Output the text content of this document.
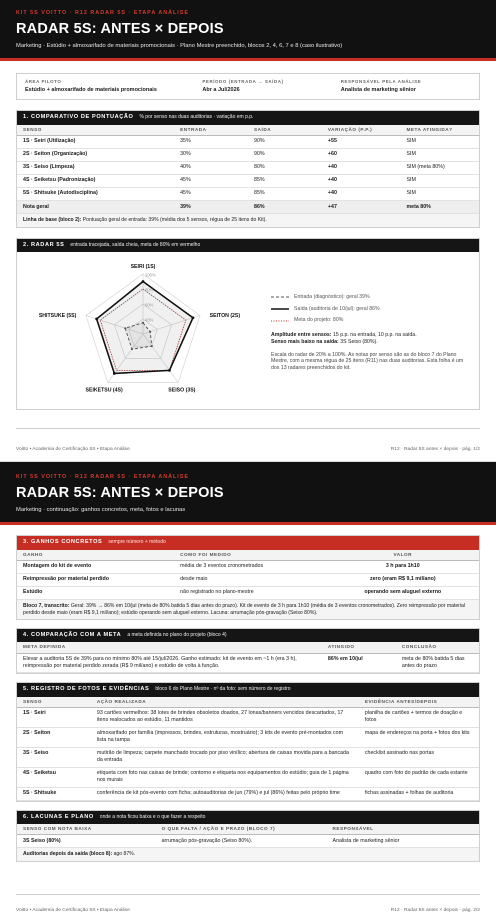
KIT 5S VOITTO · R12 RADAR 5S · ETAPA ANÁLISE
RADAR 5S: ANTES × DEPOIS
Marketing · Estúdio + almoxarifado de materiais promocionais · Plano Mestre preenchido, blocos 2, 4, 6, 7 e 8 (caso ilustrativo)
ÁREA PILOTO
Estúdio + almoxarifado de materiais promocionais
PERÍODO (ENTRADA → SAÍDA)
Abr a Jul/2026
RESPONSÁVEL PELA ANÁLISE
Analista de marketing sênior
1. COMPARATIVO DE PONTUAÇÃO % por senso nas duas auditorias · variação em p.p.
SENSO	ENTRADA	SAÍDA	VARIAÇÃO (P.P.)	META ATINGIDA?
1S · Seiri (Utilização)	35%	90%	+55	SIM
2S · Seiton (Organização)	30%	90%	+60	SIM
3S · Seiso (Limpeza)	40%	80%	+40	SIM (meta 80%)
4S · Seiketsu (Padronização)	45%	85%	+40	SIM
5S · Shitsuke (Autodisciplina)	45%	85%	+40	SIM
Nota geral	39%	86%	+47	meta 80%
Linha de base (bloco 2): Pontuação geral de entrada: 39% (média dos 5 sensos, régua de 25 itens do Kit).
2. RADAR 5S entrada tracejada, saída cheia, meta de 80% em vermelho
100%
80%
60%
40%
SEIRI (1S)
SEITON (2S)
SEISO (3S)
SEIKETSU (4S)
SHITSUKE (5S)
Entrada (diagnóstico): geral 39%
Saída (auditoria de 10/jul): geral 86%
Meta do projeto: 80%
Amplitude entre sensos: 15 p.p. na entrada, 10 p.p. na saída.
Senso mais baixo na saída: 3S Seiso (80%).
Escala do radar de 20% a 100%. As notas por senso são as do bloco 7 do Plano Mestre, com a mesma régua de 25 itens (R11) nas duas auditorias. Esta folha é um dos 13 radares preenchidos do kit.
Voitto • Academia de Certificação 5S • Etapa Análise	R12 · Radar 5S antes × depois · pág. 1/2
KIT 5S VOITTO · R12 RADAR 5S · ETAPA ANÁLISE
RADAR 5S: ANTES × DEPOIS
Marketing · continuação: ganhos concretos, meta, fotos e lacunas
3. GANHOS CONCRETOS sempre número + método
GANHO	COMO FOI MEDIDO	VALOR
Montagem do kit de evento	média de 3 eventos cronometrados	3 h para 1h10
Reimpressão por material perdido	desde maio	zero (eram R$ 9,1 mil/ano)
Estúdio	não registrado no plano-mestre	operando sem aluguel externo
Bloco 7, transcrito: Geral: 39% → 86% em 10/jul (meta de 80% batida 5 dias antes do prazo). Kit de evento de 3 h para 1h10 (média de 3 eventos cronometrados). Zero reimpressão por material perdido desde maio (eram R$ 9,1 mil/ano); estúdio operando sem aluguel externo. Lacuna: arrumação pós-gravação (Seiso 80%).
4. COMPARAÇÃO COM A META a meta definida no plano do projeto (bloco 4)
META DEFINIDA	ATINGIDO	CONCLUSÃO
Elevar a auditoria 5S de 39% para no mínimo 80% até 15/jul/2026. Ganho estimado: kit de evento em ~1 h (era 3 h), reimpressão por material perdido zerada (R$ 9 mil/ano) e estúdio de volta à função.	86% em 10/jul	meta de 80% batida 5 dias antes do prazo
5. REGISTRO DE FOTOS E EVIDÊNCIAS bloco 6 do Plano Mestre · nº da foto: sem número de registro
SENSO	AÇÃO REALIZADA	EVIDÊNCIA ANTES/DEPOIS
1S · Seiri	93 cartões vermelhos: 38 lotes de brindes obsoletos doados, 27 lonas/banners vencidos descartados, 17 itens realocados ao estúdio, 11 mantidos	planilha de cartões + termos de doação e fotos
2S · Seiton	almoxarifado por família (impressos, brindes, estruturas, mostruário); 3 kits de evento pré-montados com lista na tampa	mapa de endereços na porta + fotos dos kits
3S · Seiso	mutirão de limpeza; carpete manchado trocado por piso vinílico; abertura de caixas movida para a bancada da entrada	checklist assinado nas portas
4S · Seiketsu	etiqueta com foto nas caixas de brinde; contorno e etiqueta nos equipamentos do estúdio; guia de 1 página nos murais	quadro com foto do padrão de cada estante
5S · Shitsuke	conferência de kit pós-evento com ficha; autoauditorias de jun (79%) e jul (86%) feitas pelo próprio time	fichas assinadas + folhas de auditoria
6. LACUNAS E PLANO onde a nota ficou baixa e o que fazer a respeito
SENSO COM NOTA BAIXA	O QUE FALTA / AÇÃO E PRAZO (BLOCO 7)	RESPONSÁVEL
3S Seiso (80%)	arrumação pós-gravação (Seiso 80%).	Analista de marketing sênior
Auditorias depois da saída (bloco 8): ago 87%.
Voitto • Academia de Certificação 5S • Etapa Análise	R12 · Radar 5S antes × depois · pág. 2/2
